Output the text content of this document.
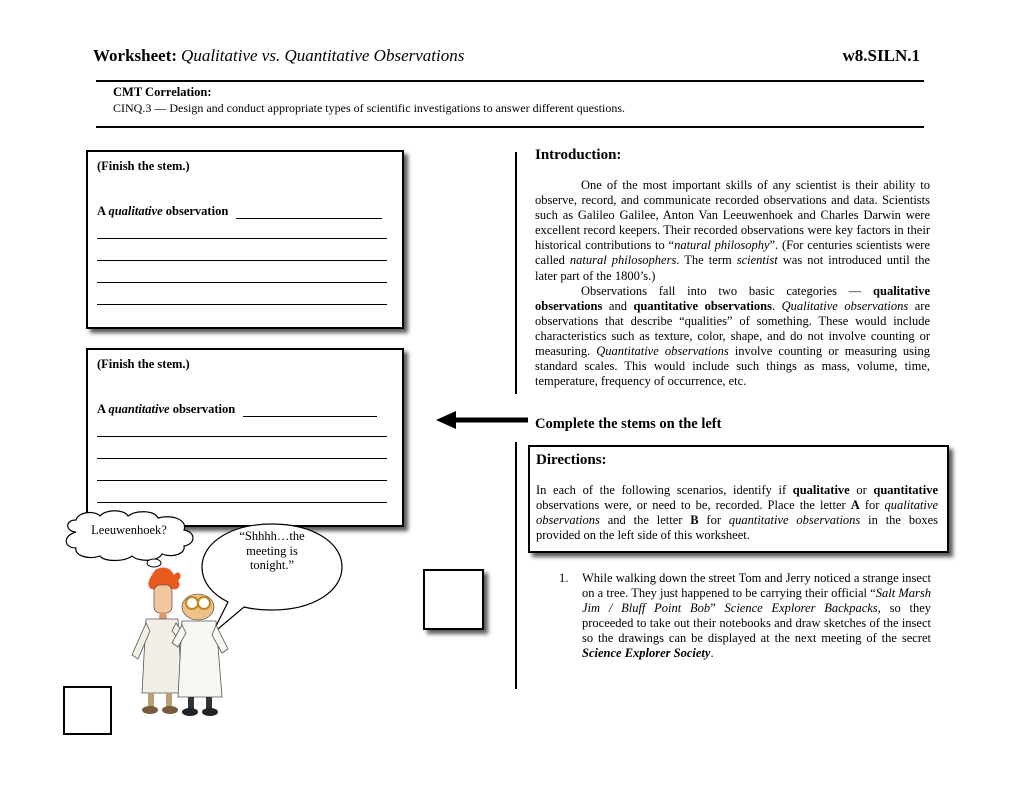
Worksheet: Qualitative vs. Quantitative Observations	w8.SILN.1
CMT Correlation:
CINQ.3 — Design and conduct appropriate types of scientific investigations to answer different questions.
(Finish the stem.)
A qualitative observation
(Finish the stem.)
A quantitative observation
Introduction:

One of the most important skills of any scientist is their ability to observe, record, and communicate recorded observations and data. Scientists such as Galileo Galilee, Anton Van Leeuwenhoek and Charles Darwin were excellent record keepers. Their recorded observations were key factors in their historical contributions to “natural philosophy”. (For centuries scientists were called natural philosophers. The term scientist was not introduced until the later part of the 1800’s.)

Observations fall into two basic categories — qualitative observations and quantitative observations. Qualitative observations are observations that describe “qualities” of something. These would include characteristics such as texture, color, shape, and do not involve counting or measuring. Quantitative observations involve counting or measuring using standard scales. This would include such things as mass, volume, time, temperature, frequency of occurrence, etc.

Complete the stems on the left
Directions:
In each of the following scenarios, identify if qualitative or quantitative observations were, or need to be, recorded. Place the letter A for qualitative observations and the letter B for quantitative observations in the boxes provided on the left side of this worksheet.
1. While walking down the street Tom and Jerry noticed a strange insect on a tree. They just happened to be carrying their official “Salt Marsh Jim / Bluff Point Bob” Science Explorer Backpacks, so they proceeded to take out their notebooks and draw sketches of the insect so the drawings can be displayed at the next meeting of the secret Science Explorer Society.
Leeuwenhoek?	“Shhhh…the
meeting is
tonight.”
